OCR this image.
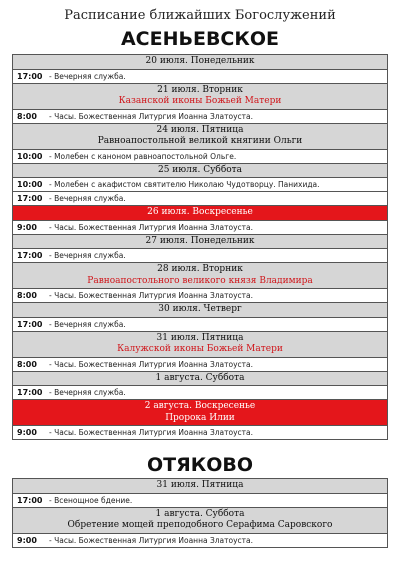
Расписание ближайших Богослужений
АСЕНЬЕВСКОЕ
20 июля. Понедельник
17:00 - Вечерняя служба.
21 июля. Вторник
Казанской иконы Божьей Матери
8:00	- Часы. Божественная Литургия Иоанна Златоуста.
24 июля. Пятница
Равноапостольной великой княгини Ольги
10:00 - Молебен с каноном равноапостольной Ольге.
25 июля. Суббота
10:00 - Молебен с акафистом святителю Николаю Чудотворцу. Панихида.
17:00 - Вечерняя служба.
26 июля. Воскресенье
9:00	- Часы. Божественная Литургия Иоанна Златоуста.
27 июля. Понедельник
17:00 - Вечерняя служба.
28 июля. Вторник
Равноапостольного великого князя Владимира
8:00	- Часы. Божественная Литургия Иоанна Златоуста.
30 июля. Четверг
17:00 - Вечерняя служба.
31 июля. Пятница
Калужской иконы Божьей Матери
8:00	- Часы. Божественная Литургия Иоанна Златоуста.
1 августа. Суббота
17:00 - Вечерняя служба.
2 августа. Воскресенье
Пророка Илии
9:00	- Часы. Божественная Литургия Иоанна Златоуста.
ОТЯКОВО
31 июля. Пятница
17:00 - Всенощное бдение.
1 августа. Суббота
Обретение мощей преподобного Серафима Саровского
9:00	- Часы. Божественная Литургия Иоанна Златоуста.
